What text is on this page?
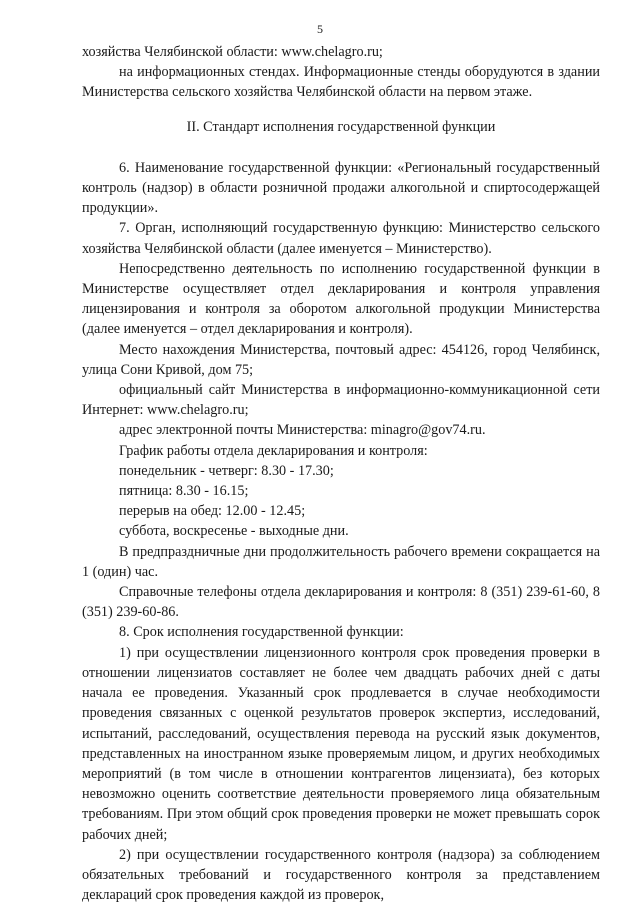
5

хозяйства Челябинской области: www.chelagro.ru;

на информационных стендах. Информационные стенды оборудуются в здании Министерства сельского хозяйства Челябинской области на первом этаже.

II. Стандарт исполнения государственной функции

6. Наименование государственной функции: «Региональный государственный контроль (надзор) в области розничной продажи алкогольной и спиртосодержащей продукции».

7. Орган, исполняющий государственную функцию: Министерство сельского хозяйства Челябинской области (далее именуется – Министерство).

Непосредственно деятельность по исполнению государственной функции в Министерстве осуществляет отдел декларирования и контроля управления лицензирования и контроля за оборотом алкогольной продукции Министерства (далее именуется – отдел декларирования и контроля).

Место нахождения Министерства, почтовый адрес: 454126, город Челябинск, улица Сони Кривой, дом 75;

официальный сайт Министерства в информационно-коммуникационной сети Интернет: www.chelagro.ru;

адрес электронной почты Министерства: minagro@gov74.ru.

График работы отдела декларирования и контроля:

понедельник - четверг: 8.30 - 17.30;

пятница: 8.30 - 16.15;

перерыв на обед: 12.00 - 12.45;

суббота, воскресенье - выходные дни.

В предпраздничные дни продолжительность рабочего времени сокращается на 1 (один) час.

Справочные телефоны отдела декларирования и контроля: 8 (351) 239-61-60, 8 (351) 239-60-86.

8. Срок исполнения государственной функции:

1) при осуществлении лицензионного контроля срок проведения проверки в отношении лицензиатов составляет не более чем двадцать рабочих дней с даты начала ее проведения. Указанный срок продлевается в случае необходимости проведения связанных с оценкой результатов проверок экспертиз, исследований, испытаний, расследований, осуществления перевода на русский язык документов, представленных на иностранном языке проверяемым лицом, и других необходимых мероприятий (в том числе в отношении контрагентов лицензиата), без которых невозможно оценить соответствие деятельности проверяемого лица обязательным требованиям. При этом общий срок проведения проверки не может превышать сорок рабочих дней;

2) при осуществлении государственного контроля (надзора) за соблюдением обязательных требований и государственного контроля за представлением деклараций срок проведения каждой из проверок,
